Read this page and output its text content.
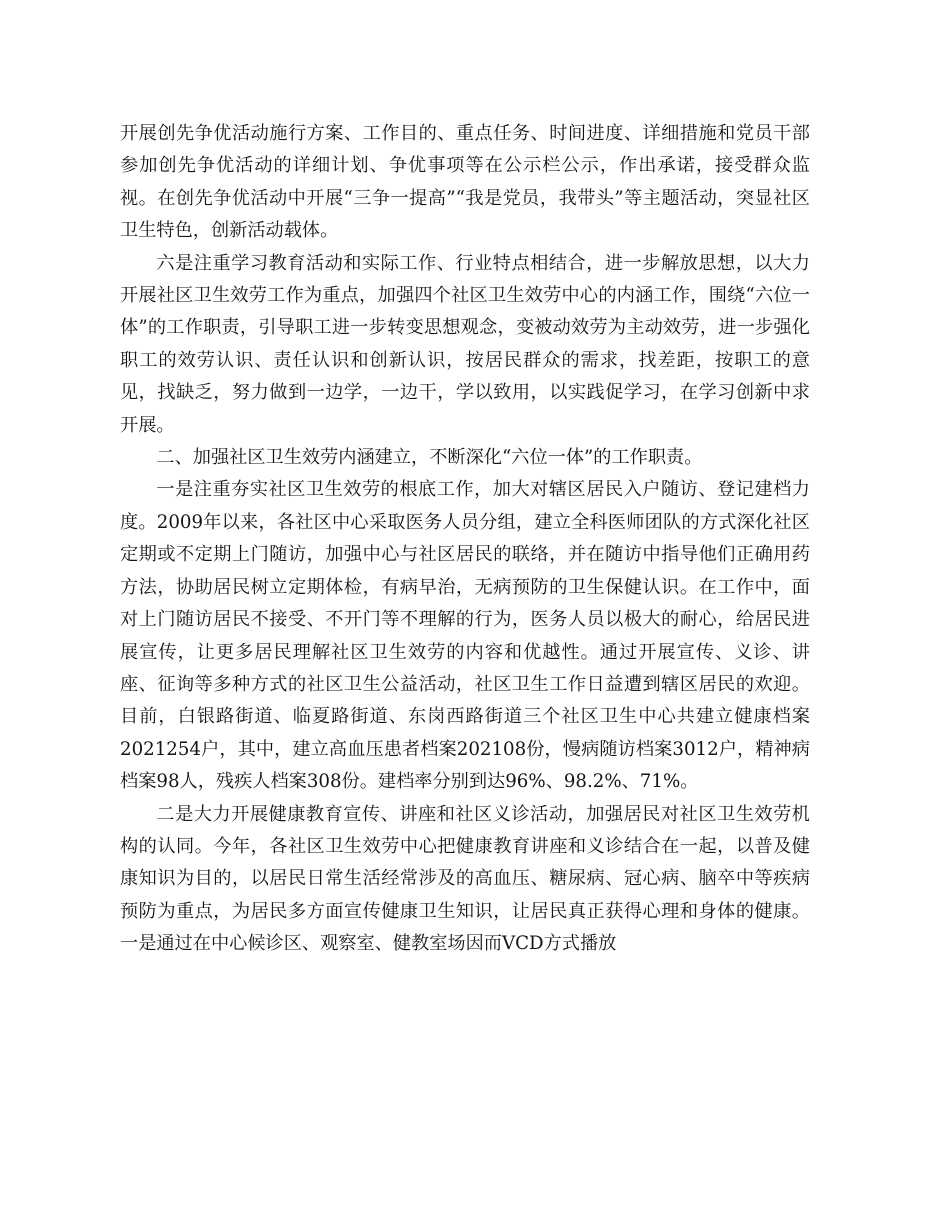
开展创先争优活动施行方案、工作目的、重点任务、时间进度、详细措施和党员干部参加创先争优活动的详细计划、争优事项等在公示栏公示，作出承诺，接受群众监视。在创先争优活动中开展“三争一提高”“我是党员，我带头”等主题活动，突显社区卫生特色，创新活动载体。

六是注重学习教育活动和实际工作、行业特点相结合，进一步解放思想，以大力开展社区卫生效劳工作为重点，加强四个社区卫生效劳中心的内涵工作，围绕“六位一体”的工作职责，引导职工进一步转变思想观念，变被动效劳为主动效劳，进一步强化职工的效劳认识、责任认识和创新认识，按居民群众的需求，找差距，按职工的意见，找缺乏，努力做到一边学，一边干，学以致用，以实践促学习，在学习创新中求开展。

二、加强社区卫生效劳内涵建立，不断深化“六位一体”的工作职责。

一是注重夯实社区卫生效劳的根底工作，加大对辖区居民入户随访、登记建档力度。2009年以来，各社区中心采取医务人员分组，建立全科医师团队的方式深化社区定期或不定期上门随访，加强中心与社区居民的联络，并在随访中指导他们正确用药方法，协助居民树立定期体检，有病早治，无病预防的卫生保健认识。在工作中，面对上门随访居民不接受、不开门等不理解的行为，医务人员以极大的耐心，给居民进展宣传，让更多居民理解社区卫生效劳的内容和优越性。通过开展宣传、义诊、讲座、征询等多种方式的社区卫生公益活动，社区卫生工作日益遭到辖区居民的欢迎。目前，白银路街道、临夏路街道、东岗西路街道三个社区卫生中心共建立健康档案2021254户，其中，建立高血压患者档案202108份，慢病随访档案3012户，精神病档案98人，残疾人档案308份。建档率分别到达96%、98.2%、71%。

二是大力开展健康教育宣传、讲座和社区义诊活动，加强居民对社区卫生效劳机构的认同。今年，各社区卫生效劳中心把健康教育讲座和义诊结合在一起，以普及健康知识为目的，以居民日常生活经常涉及的高血压、糖尿病、冠心病、脑卒中等疾病预防为重点，为居民多方面宣传健康卫生知识，让居民真正获得心理和身体的健康。一是通过在中心候诊区、观察室、健教室场因而VCD方式播放
